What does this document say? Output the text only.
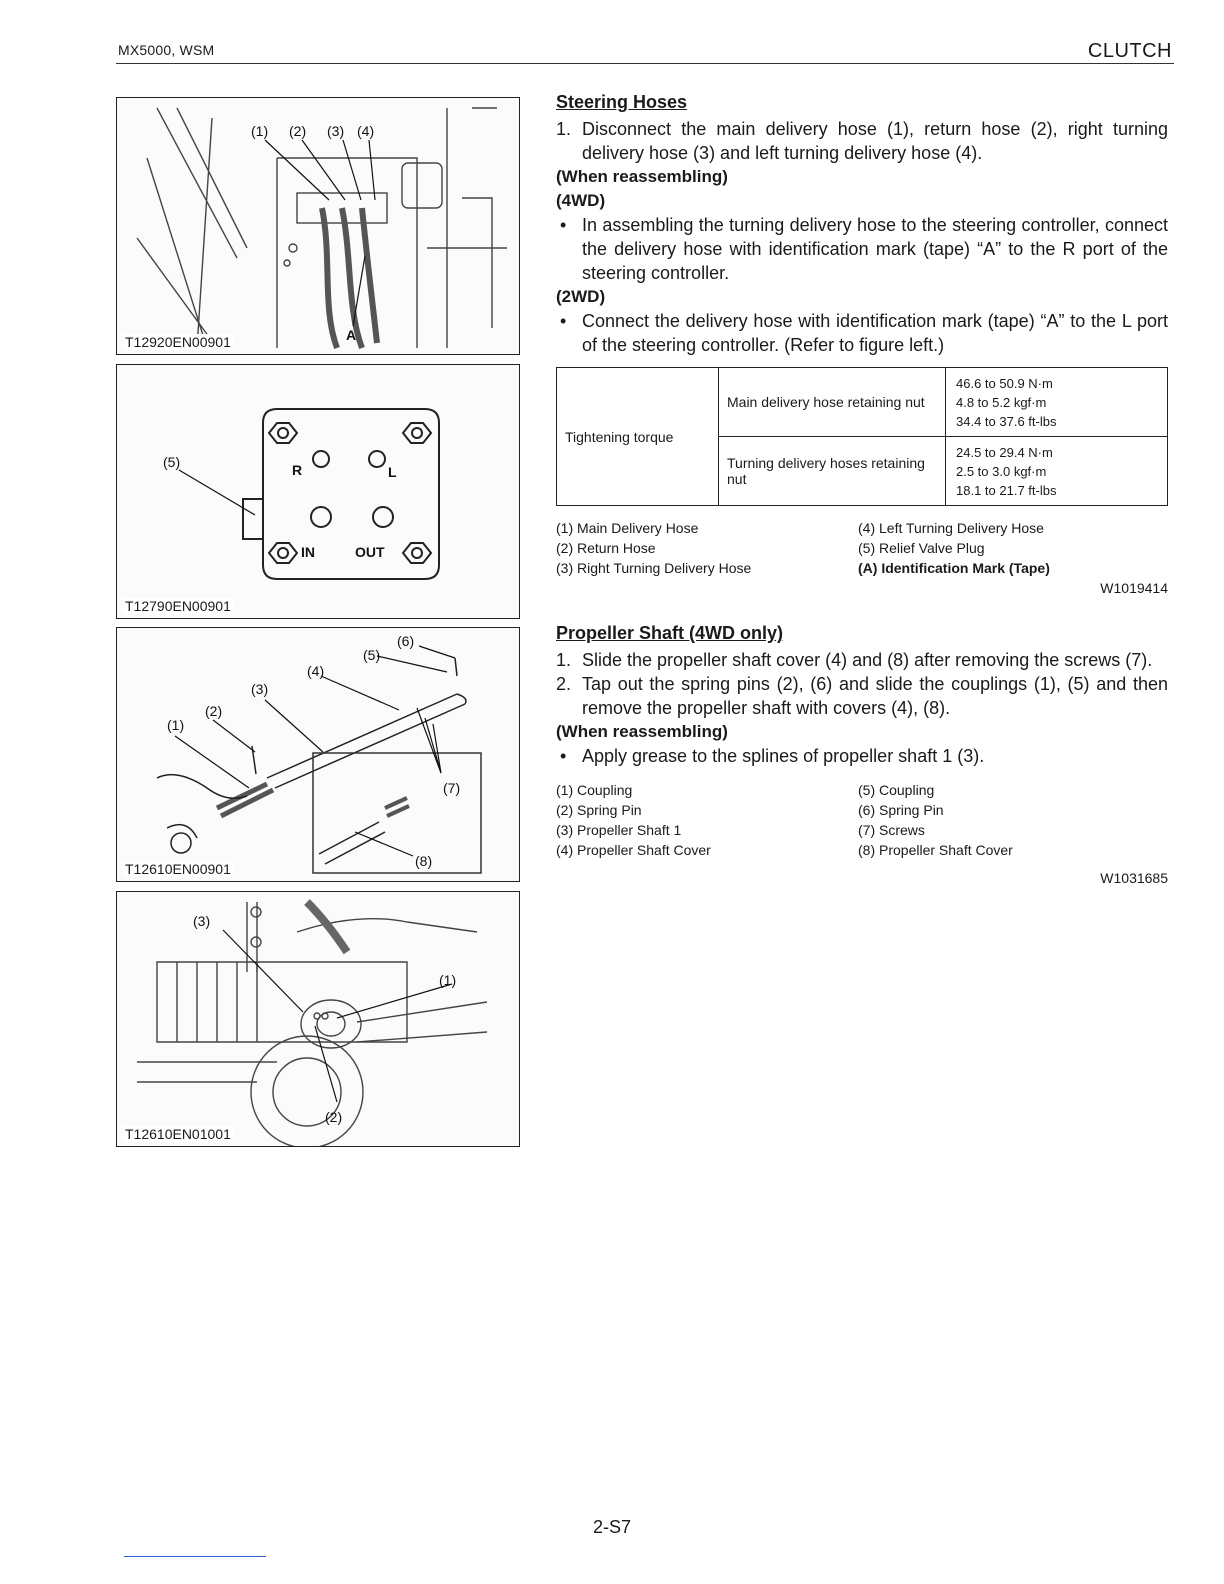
MX5000, WSM	CLUTCH
(1) (2) (3) (4)
A
T12920EN00901
(5)	R	L
IN	OUT
T12790EN00901
(1)
(2)
(3)
(4)
(5)
(6)
(7)
(8)
T12610EN00901
(3)
(1)
(2)
T12610EN01001
Steering Hoses
1. Disconnect the main delivery hose (1), return hose (2), right turning delivery hose (3) and left turning delivery hose (4).
(When reassembling)
(4WD)
• In assembling the turning delivery hose to the steering controller, connect the delivery hose with identification mark (tape) “A” to the R port of the steering controller.
(2WD)
• Connect the delivery hose with identification mark (tape) “A” to the L port of the steering controller. (Refer to figure left.)
Tightening torque	Main delivery hose retaining nut	46.6 to 50.9 N·m
4.8 to 5.2 kgf·m
34.4 to 37.6 ft-lbs

	Turning delivery hoses retaining nut	24.5 to 29.4 N·m
2.5 to 3.0 kgf·m
18.1 to 21.7 ft-lbs
(1) Main Delivery Hose	(4) Left Turning Delivery Hose
(2) Return Hose	(5) Relief Valve Plug
(3) Right Turning Delivery Hose	(A) Identification Mark (Tape)
W1019414
Propeller Shaft (4WD only)
1. Slide the propeller shaft cover (4) and (8) after removing the screws (7).
2. Tap out the spring pins (2), (6) and slide the couplings (1), (5) and then remove the propeller shaft with covers (4), (8).
(When reassembling)
• Apply grease to the splines of propeller shaft 1 (3).
(1) Coupling	(5) Coupling
(2) Spring Pin	(6) Spring Pin
(3) Propeller Shaft 1	(7) Screws
(4) Propeller Shaft Cover	(8) Propeller Shaft Cover
W1031685
2-S7
